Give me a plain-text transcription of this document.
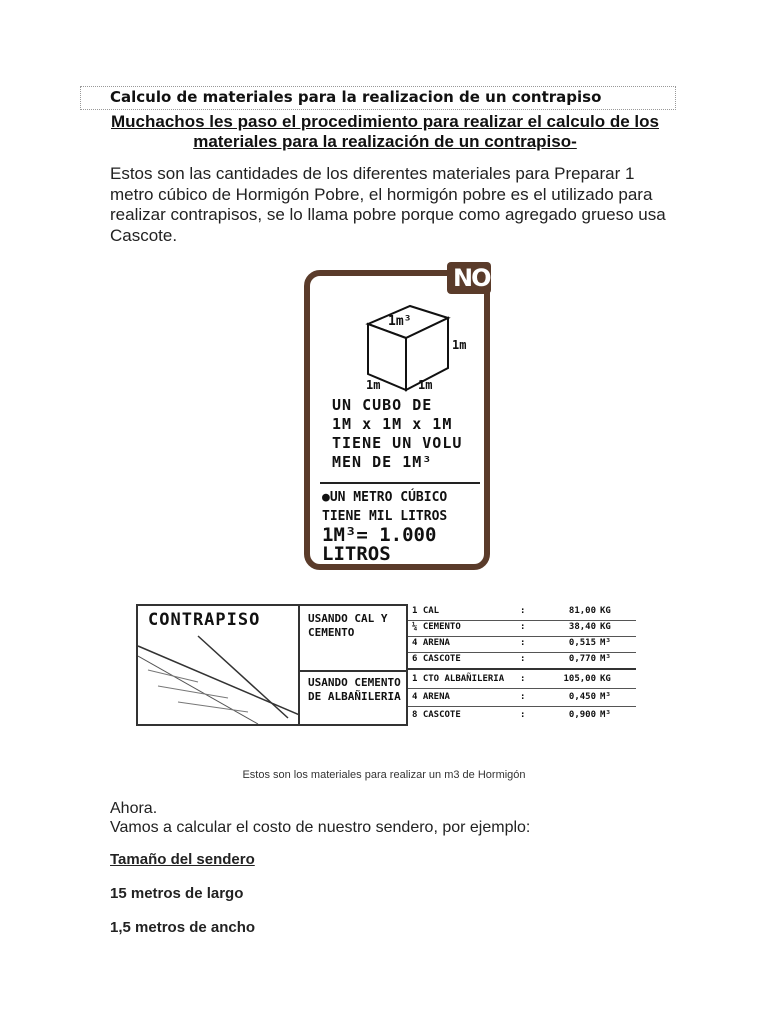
Calculo de materiales para la realizacion de un contrapiso
Muchachos les paso el procedimiento para realizar el calculo de los materiales para la realización de un contrapiso-
Estos son las cantidades de los diferentes materiales para Preparar 1 metro cúbico de Hormigón Pobre, el hormigón pobre es el utilizado para realizar contrapisos, se lo llama pobre porque como agregado grueso usa Cascote.
1m³
1m
1m	1m
UN CUBO DE
1M x 1M x 1M
TIENE UN VOLU
MEN DE 1M³
●UN METRO CÚBICO
TIENE MIL LITROS
1M³= 1.000 LITROS
NO
CONTRAPISO	USANDO CAL Y CEMENTO
USANDO CEMENTO DE ALBAÑILERIA
1 CAL	:	81,00 KG
¼ CEMENTO	:	38,40 KG
4 ARENA	:	0,515 M³
6 CASCOTE	:	0,770 M³
1 CTO ALBAÑILERIA :	105,00 KG
4 ARENA	:	0,450 M³
8 CASCOTE	:	0,900 M³
Estos son los materiales para realizar un m3 de Hormigón
Ahora.
Vamos a calcular el costo de nuestro sendero, por ejemplo:
Tamaño del sendero
15 metros de largo
1,5 metros de ancho
